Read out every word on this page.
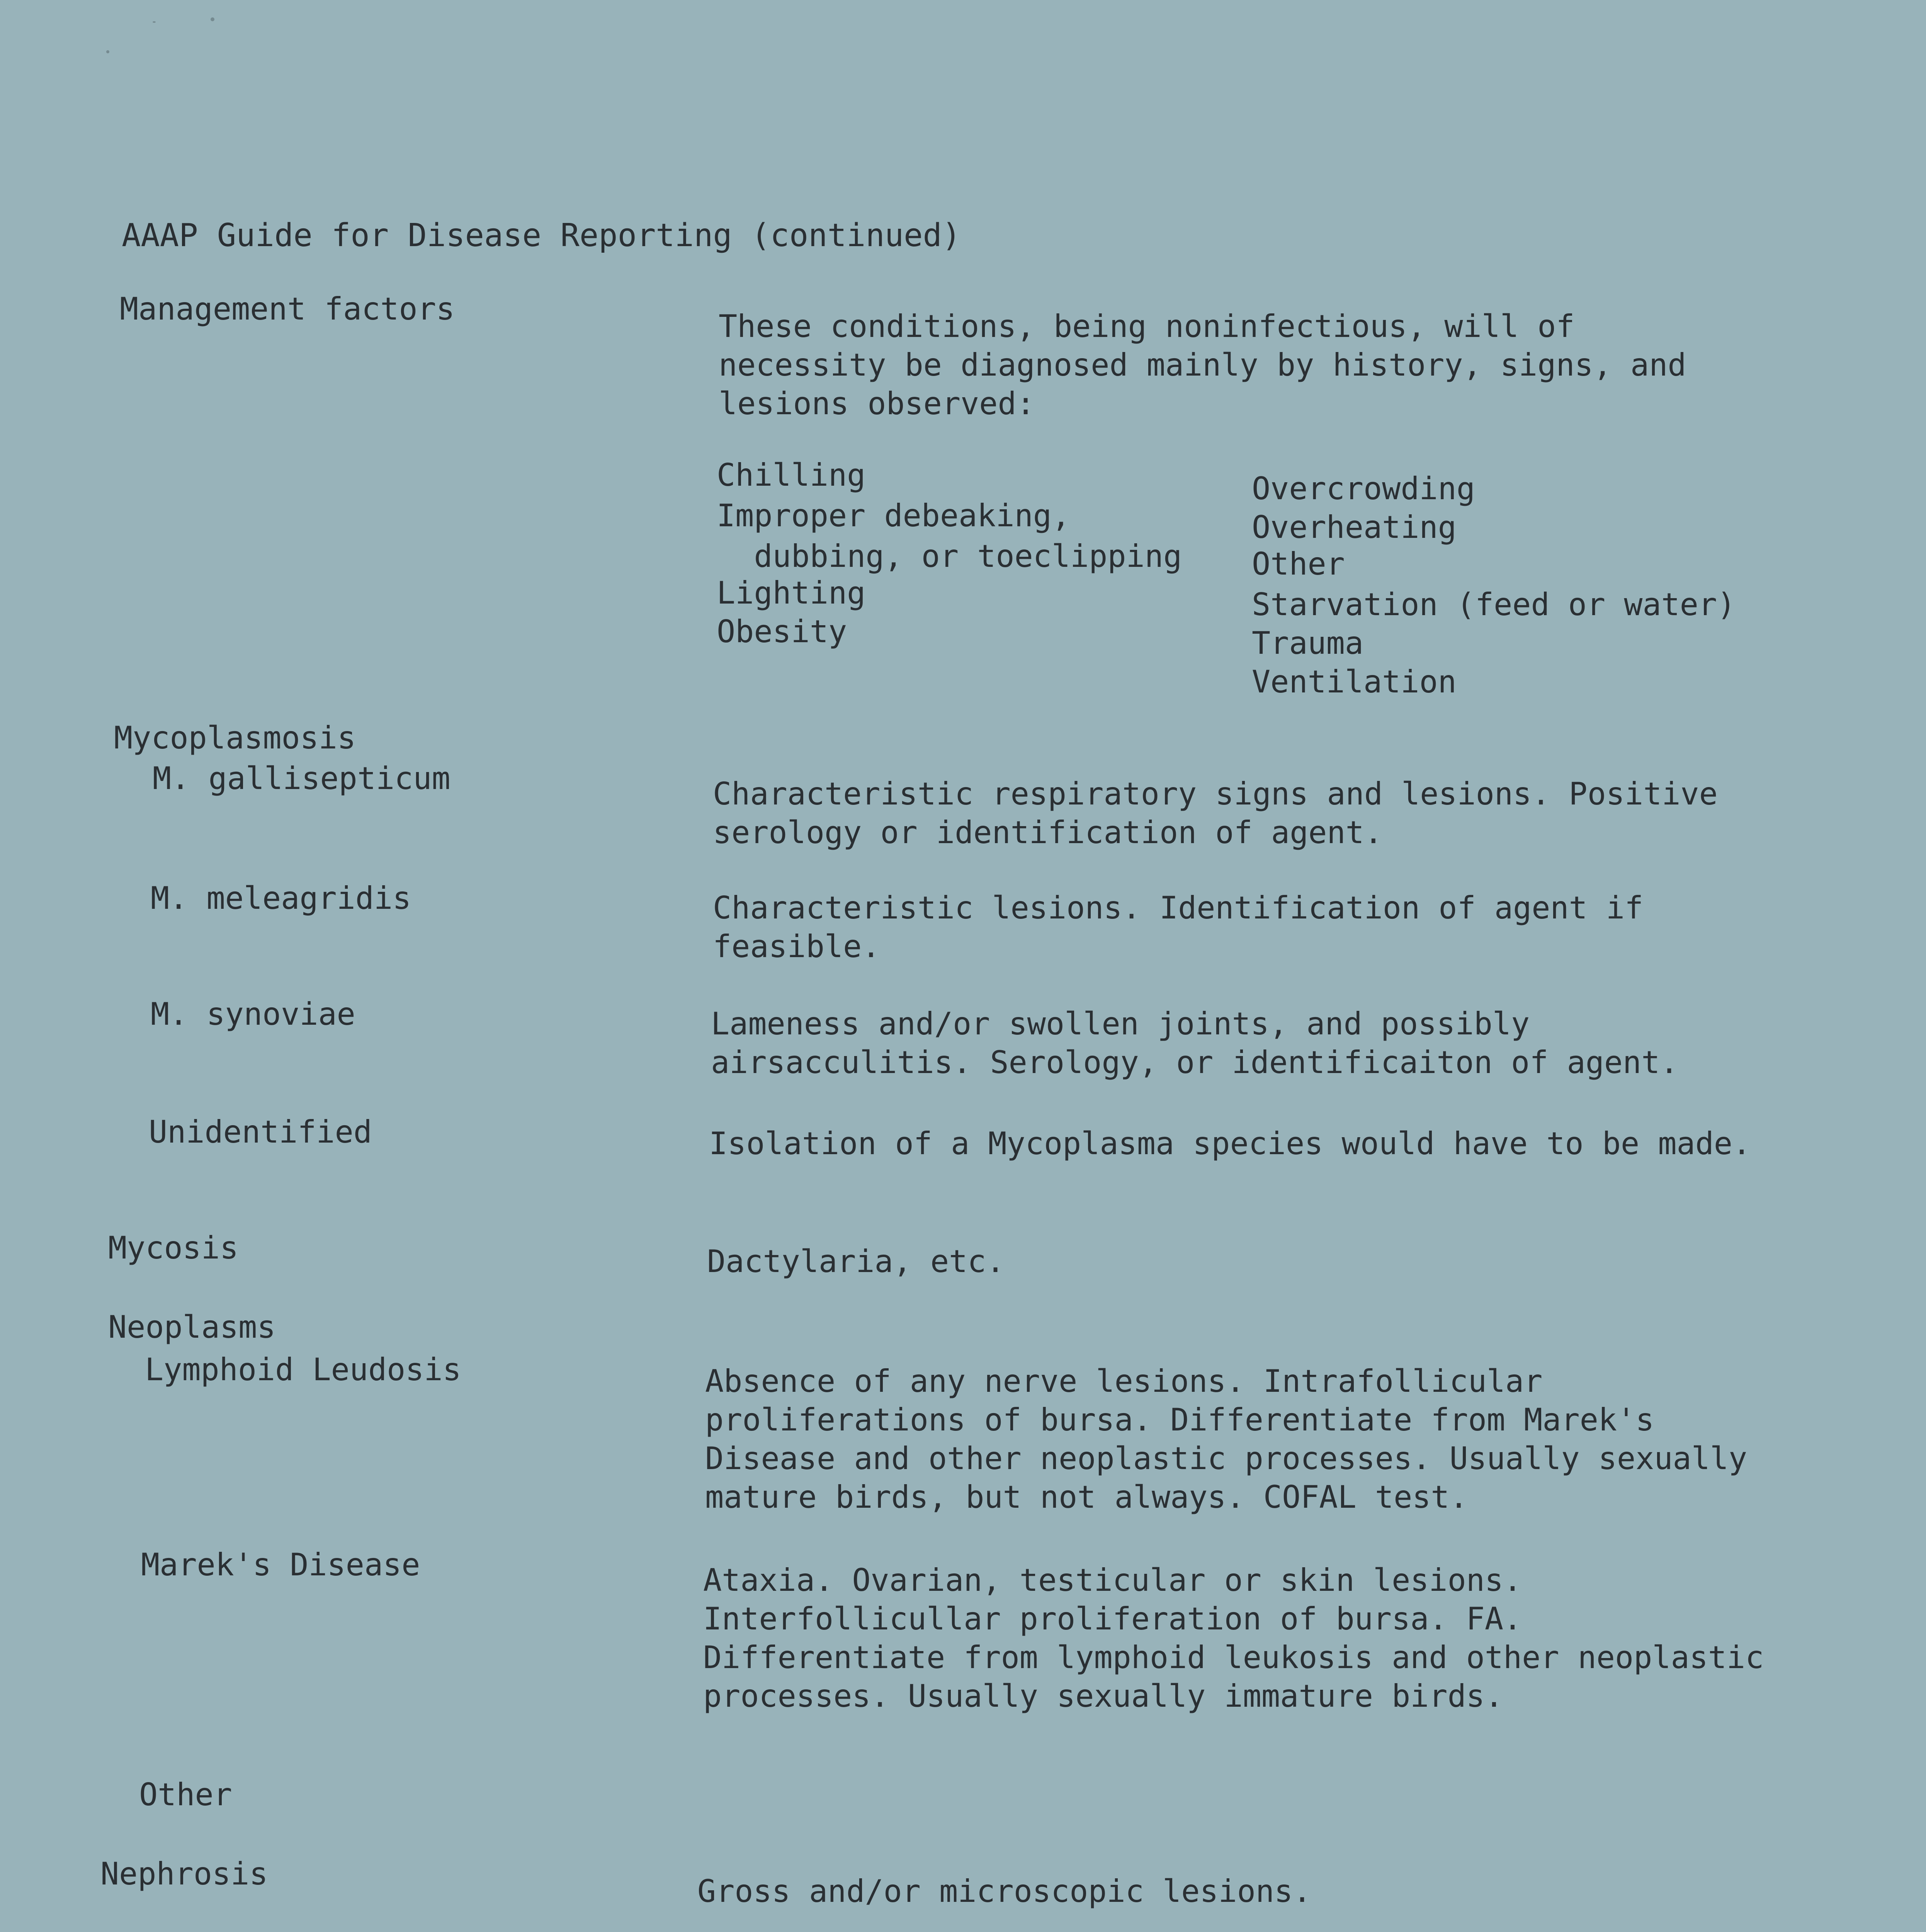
AAAP Guide for Disease Reporting (continued)

Management factors	These conditions, being noninfectious, will of necessity be diagnosed mainly by history, signs, and lesions observed:

Chilling

Improper debeaking,

dubbing, or toeclipping

Lighting

Obesity

Overcrowding

Overheating

Other

Starvation (feed or water)

Trauma

Ventilation

Mycoplasmosis

M. gallisepticum	Characteristic respiratory signs and lesions. Positive serology or identification of agent.

M. meleagridis	Characteristic lesions. Identification of agent if feasible.

M. synoviae	Lameness and/or swollen joints, and possibly airsacculitis. Serology, or identificaiton of agent.

Unidentified	Isolation of a Mycoplasma species would have to be made.

Mycosis	Dactylaria, etc.

Neoplasms

Lymphoid Leudosis	Absence of any nerve lesions. Intrafollicular proliferations of bursa. Differentiate from Marek's Disease and other neoplastic processes. Usually sexually mature birds, but not always. COFAL test.

Marek's Disease	Ataxia. Ovarian, testicular or skin lesions. Interfollicullar proliferation of bursa. FA. Differentiate from lymphoid leukosis and other neoplastic processes. Usually sexually immature birds.

Other

Nephrosis	Gross and/or microscopic lesions.
